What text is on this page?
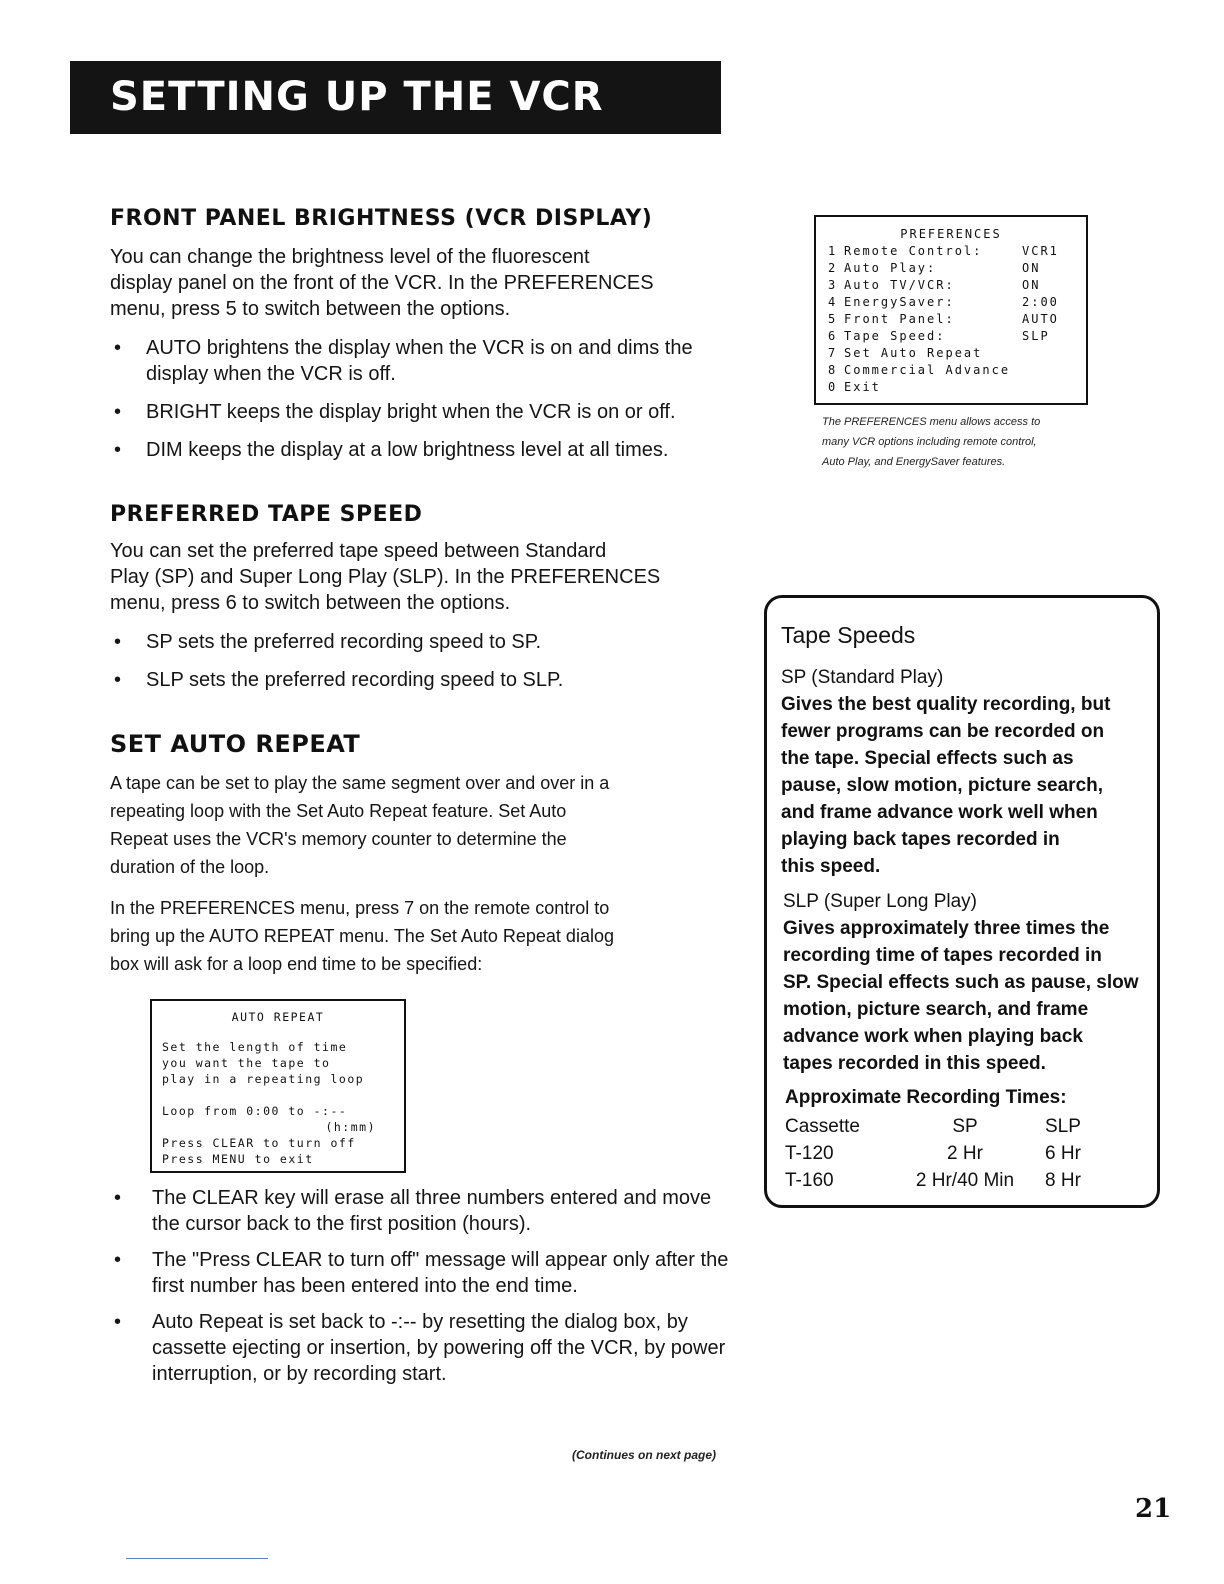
SETTING UP THE VCR
FRONT PANEL BRIGHTNESS (VCR DISPLAY)
You can change the brightness level of the fluorescent
display panel on the front of the VCR. In the PREFERENCES
menu, press 5 to switch between the options.
• AUTO brightens the display when the VCR is on and dims the display when the VCR is off.
• BRIGHT keeps the display bright when the VCR is on or off.
• DIM keeps the display at a low brightness level at all times.
PREFERENCES
1 Remote Control:	VCR1
2 Auto Play:	ON
3 Auto TV/VCR:	ON
4 EnergySaver:	2:00
5 Front Panel:	AUTO
6 Tape Speed:	SLP
7 Set Auto Repeat
8 Commercial Advance
0 Exit
The PREFERENCES menu allows access to
many VCR options including remote control,
Auto Play, and EnergySaver features.
PREFERRED TAPE SPEED
You can set the preferred tape speed between Standard
Play (SP) and Super Long Play (SLP). In the PREFERENCES
menu, press 6 to switch between the options.
• SP sets the preferred recording speed to SP.
• SLP sets the preferred recording speed to SLP.
SET AUTO REPEAT
A tape can be set to play the same segment over and over in a
repeating loop with the Set Auto Repeat feature. Set Auto
Repeat uses the VCR's memory counter to determine the
duration of the loop.
In the PREFERENCES menu, press 7 on the remote control to
bring up the AUTO REPEAT menu. The Set Auto Repeat dialog
box will ask for a loop end time to be specified:
AUTO REPEAT
Set the length of time
you want the tape to
play in a repeating loop
Loop from 0:00 to -:--
(h:mm)
Press CLEAR to turn off
Press MENU to exit
• The CLEAR key will erase all three numbers entered and move the cursor back to the first position (hours).
• The "Press CLEAR to turn off" message will appear only after the first number has been entered into the end time.
• Auto Repeat is set back to -:-- by resetting the dialog box, by cassette ejecting or insertion, by powering off the VCR, by power interruption, or by recording start.
Tape Speeds
SP (Standard Play)
Gives the best quality recording, but
fewer programs can be recorded on
the tape. Special effects such as
pause, slow motion, picture search,
and frame advance work well when
playing back tapes recorded in
this speed.
SLP (Super Long Play)
Gives approximately three times the
recording time of tapes recorded in
SP. Special effects such as pause, slow
motion, picture search, and frame
advance work when playing back
tapes recorded in this speed.
Approximate Recording Times:
Cassette	SP	SLP
T-120	2 Hr	6 Hr
T-160	2 Hr/40 Min	8 Hr
(Continues on next page)
21
